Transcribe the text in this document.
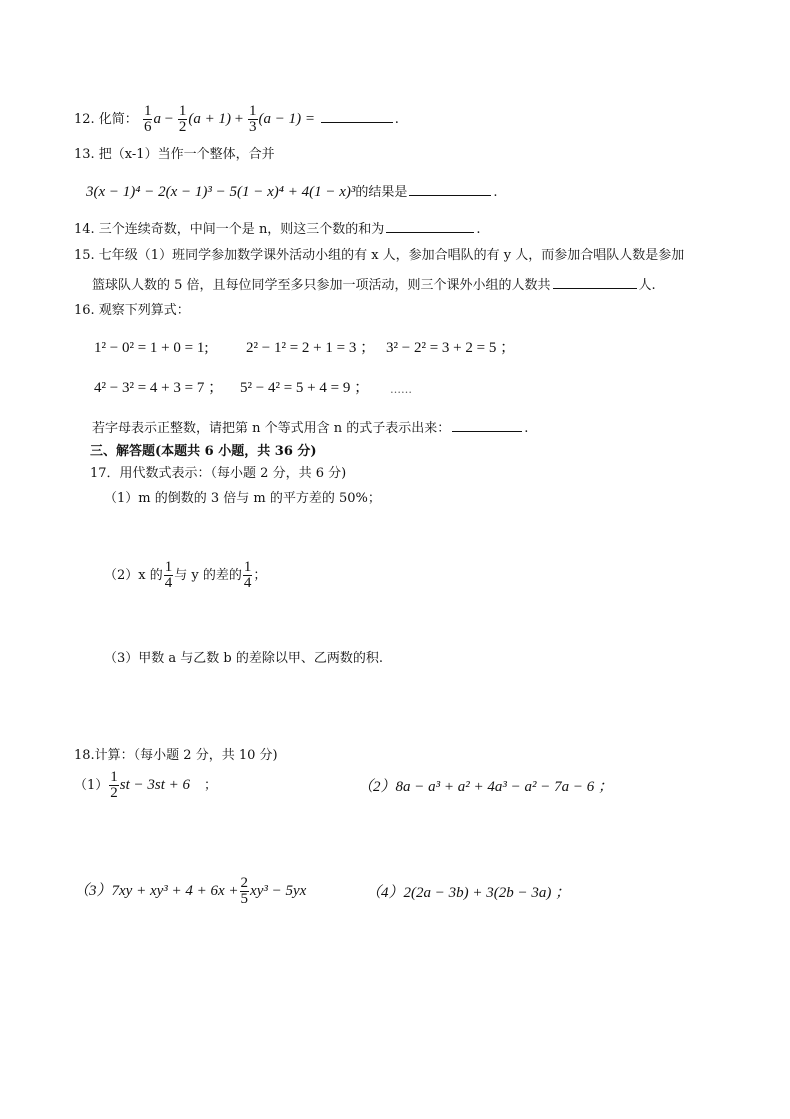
12. 化简： $\frac{1}{6}$ $a - \frac{1}{2} (a + 1) + \frac{1}{3} (a - 1)$ =	.
13. 把（x-1）当作一个整体，合并
3(x − 1)⁴ − 2(x − 1)³ − 5(1 − x)⁴ + 4(1 − x)³的结果是	.
14. 三个连续奇数，中间一个是 n，则这三个数的和为	.
15. 七年级（1）班同学参加数学课外活动小组的有 x 人，参加合唱队的有 y 人，而参加合唱队人数是参加
篮球队人数的 5 倍，且每位同学至多只参加一项活动，则三个课外小组的人数共	人.
16. 观察下列算式：
1² − 0² = 1 + 0 = 1;	2² − 1² = 2 + 1 = 3 ； 3² − 2² = 3 + 2 = 5 ；
4² − 3² = 4 + 3 = 7 ； 5² − 4² = 5 + 4 = 9 ； ……
若字母表示正整数，请把第 n 个等式用含 n 的式子表示出来：	.
三、解答题(本题共 6 小题，共 36 分)
17．用代数式表示：（每小题 2 分，共 6 分)
（1）m 的倒数的 3 倍与 m 的平方差的 50%；
（2）x 的 $\frac{1}{4}$ 与 y 的差的 $\frac{1}{4}$ ；
（3）甲数 a 与乙数 b 的差除以甲、乙两数的积.
18.计算：（每小题 2 分，共 10 分)
$(1) \frac{1}{2}$ st − 3st + 6 ；	（2）8a − a³ + a² + 4a³ − a² − 7a − 6 ；
$(3)7xy + xy^3 + 4 + 6x + \frac{2}{5} xy^3 - 5yx$	（4）2(2a − 3b) + 3(2b − 3a) ；
